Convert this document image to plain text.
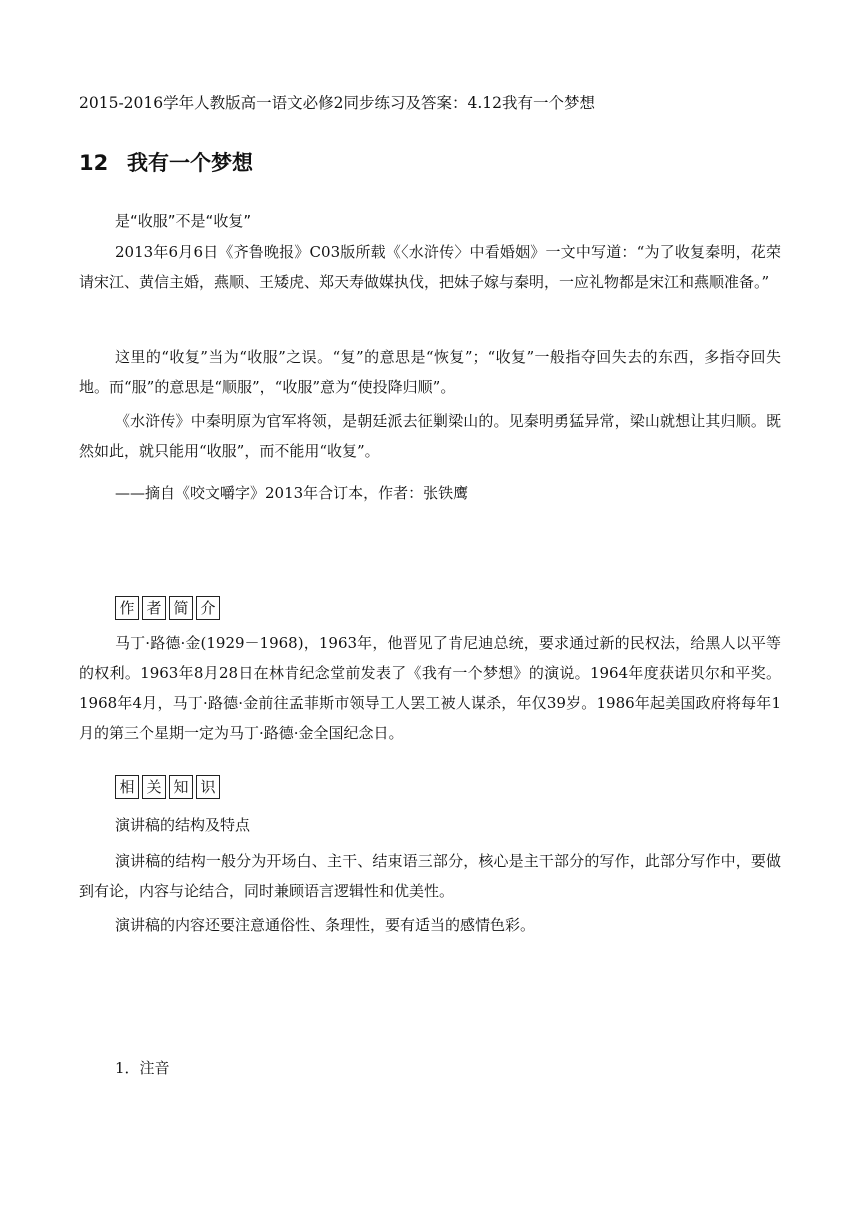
2015-2016学年人教版高一语文必修2同步练习及答案：4.12我有一个梦想
12 我有一个梦想
是“收服”不是“收复”

2013年6月6日《齐鲁晚报》C03版所载《〈水浒传〉中看婚姻》一文中写道：“为了收复秦明，花荣请宋江、黄信主婚，燕顺、王矮虎、郑天寿做媒执伐，把妹子嫁与秦明，一应礼物都是宋江和燕顺准备。”

这里的“收复”当为“收服”之误。“复”的意思是“恢复”；“收复”一般指夺回失去的东西，多指夺回失地。而“服”的意思是“顺服”，“收服”意为“使投降归顺”。

《水浒传》中秦明原为官军将领，是朝廷派去征剿梁山的。见秦明勇猛异常，梁山就想让其归顺。既然如此，就只能用“收服”，而不能用“收复”。

——摘自《咬文嚼字》2013年合订本，作者：张铁鹰
作 者 简 介

马丁·路德·金(1929－1968)，1963年，他晋见了肯尼迪总统，要求通过新的民权法，给黑人以平等的权利。1963年8月28日在林肯纪念堂前发表了《我有一个梦想》的演说。1964年度获诺贝尔和平奖。1968年4月，马丁·路德·金前往孟菲斯市领导工人罢工被人谋杀，年仅39岁。1986年起美国政府将每年1月的第三个星期一定为马丁·路德·金全国纪念日。

相 关 知 识
演讲稿的结构及特点

演讲稿的结构一般分为开场白、主干、结束语三部分，核心是主干部分的写作，此部分写作中，要做到有论，内容与论结合，同时兼顾语言逻辑性和优美性。

演讲稿的内容还要注意通俗性、条理性，要有适当的感情色彩。

1．注音
